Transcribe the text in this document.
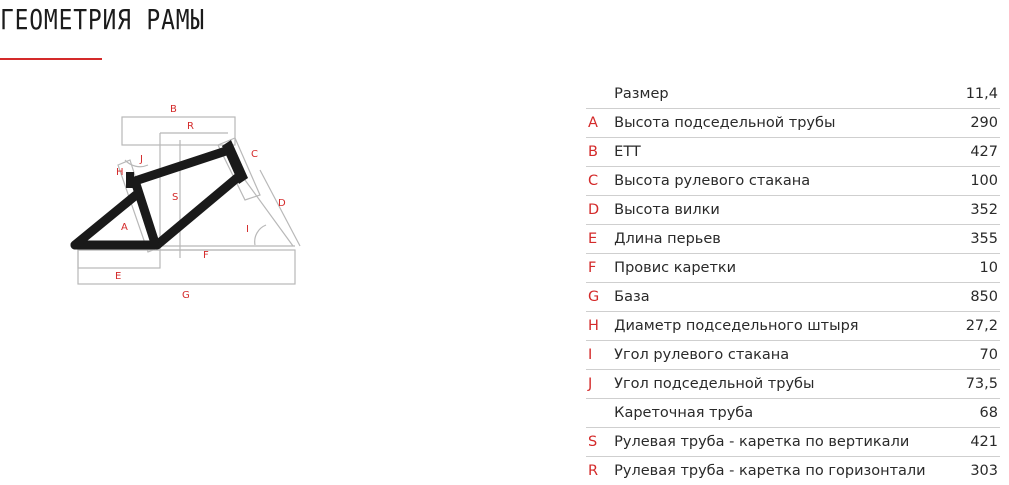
ГЕОМЕТРИЯ РАМЫ
B
R
C
J
H
S
D
A	I
F
E
G
	Размер	11,4
A	Высота подседельной трубы	290
B	ETT	427
C	Высота рулевого стакана	100
D	Высота вилки	352
E	Длина перьев	355
F	Провис каретки	10
G	База	850
H	Диаметр подседельного штыря	27,2
I	Угол рулевого стакана	70
J	Угол подседельной трубы	73,5
	Кареточная труба	68
S	Рулевая труба - каретка по вертикали	421
R	Рулевая труба - каретка по горизонтали	303
